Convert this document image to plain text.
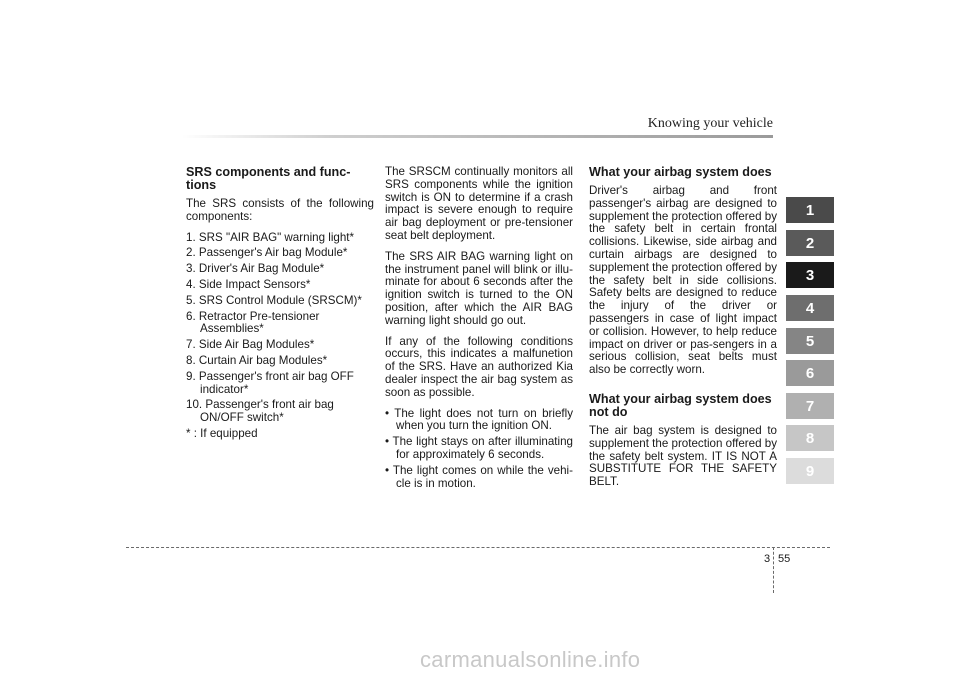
Knowing your vehicle
SRS components and func-tions

The SRS consists of the following components:

1. SRS "AIR BAG" warning light*
2. Passenger's Air bag Module*
3. Driver's Air Bag Module*
4. Side Impact Sensors*
5. SRS Control Module (SRSCM)*
6. Retractor Pre-tensioner Assemblies*
7. Side Air Bag Modules*
8. Curtain Air bag Modules*
9. Passenger's front air bag OFF indicator*
10. Passenger's front air bag ON/OFF switch*

* : If equipped

The SRSCM continually monitors all SRS components while the ignition switch is ON to determine if a crash impact is severe enough to require air bag deployment or pre-tensioner seat belt deployment.

The SRS AIR BAG warning light on the instrument panel will blink or illu-minate for about 6 seconds after the ignition switch is turned to the ON position, after which the AIR BAG warning light should go out.

If any of the following conditions occurs, this indicates a malfunetion of the SRS. Have an authorized Kia dealer inspect the air bag system as soon as possible.

• The light does not turn on briefly when you turn the ignition ON.
• The light stays on after illuminating for approximately 6 seconds.
• The light comes on while the vehi-cle is in motion.
What your airbag system does

Driver's airbag and front passenger's airbag are designed to supplement the protection offered by the safety belt in certain frontal collisions. Likewise, side airbag and curtain airbags are designed to supplement the protection offered by the safety belt in side collisions. Safety belts are designed to reduce the injury of the driver or passengers in case of light impact or collision. However, to help reduce impact on driver or pas-sengers in a serious collision, seat belts must also be correctly worn.

What your airbag system does not do

The air bag system is designed to supplement the protection offered by the safety belt system. IT IS NOT A SUBSTITUTE FOR THE SAFETY BELT.

1
2
3
4
5
6
7
8
9
3 55
carmanualsonline.info
